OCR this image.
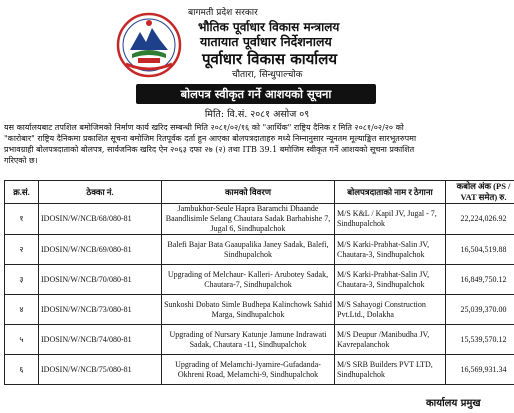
बागमती प्रदेश सरकार
भौतिक पूर्वाधार विकास मन्त्रालय
यातायात पूर्वाधार निर्देशनालय
पूर्वाधार विकास कार्यालय
चौतारा, सिन्धुपाल्चोक
बोलपत्र स्वीकृत गर्ने आशयको सूचना
मिति: वि.सं. २०८१ असोज ०९
यस कार्यालयबाट तपशिल बमोजिमको निर्माण कार्य खरिद सम्बन्धी मिति २०८१/०२/१६ को "आर्थिक" राष्ट्रिय दैनिक र मिति २०८१/०२/२० को
"कारोबार" राष्ट्रिय दैनिकमा प्रकाशित सूचना बमोजिम रितपूर्वक दर्ता हुन आएका बोलपत्रदाताहरु मध्ये निम्नानुसार न्यूनतम मूल्याङ्कित सारभूतरुपमा
प्रभावग्राही बोलपत्रदाताको बोलपत्र, सार्वजनिक खरिद ऐन २०६३ दफा २७ (२) तथा ITB 39.1 बमोजिम स्वीकृत गर्ने आशयको सूचना प्रकाशित
गरिएको छ।
क्र.सं.	ठेक्का नं.	कामको विवरण	बोलपत्रदाताको नाम र ठेगाना	कबोल अंक (PS / VAT समेत) रु.
१	IDOSIN/W/NCB/68/080-81	Jambukhor-Seule Hapra Baramchi Dhaande Baandlisimle Selang Chautara Sadak Barhabishe 7, Jugal 6, Sindhupalchok	M/S K&L / Kapil JV, Jugal - 7, Sindhupalchok	22,224,026.92
२	IDOSIN/W/NCB/69/080-81	Balefi Bajar Bata Gaaupalika Janey Sadak, Balefi, Sindhupalchok	M/S Karki-Prabhat-Salin JV, Chautara-3, Sindhupalchok	16,504,519.88
३	IDOSIN/W/NCB/70/080-81	Upgrading of Melchaur- Kalleri- Arubotey Sadak, Chautara-7, Sindhupalchok	M/S Karki-Prabhat-Salin JV, Chautara-3, Sindhupalchok	16,849,750.12
४	IDOSIN/W/NCB/73/080-81	Sunkoshi Dobato Simle Budhepa Kalinchowk Sahid Marga, Sindhupalchok	M/S Sahayogi Construction Pvt.Ltd., Dolakha	25,039,370.00
५	IDOSIN/W/NCB/74/080-81	Upgrading of Nursary Katunje Jamune Indrawati Sadak, Chautara -11, Sindhupalchok	M/S Deupur /Manibudha JV, Kavrepalanchok	15,539,570.12
६	IDOSIN/W/NCB/75/080-81	Upgrading of Melamchi-Jyamire-Gufadanda-Okhreni Road, Melamchi-9, Sindhupalchok	M/S SRB Builders PVT LTD, Sindhupalchok	16,569,931.34
कार्यालय प्रमुख
